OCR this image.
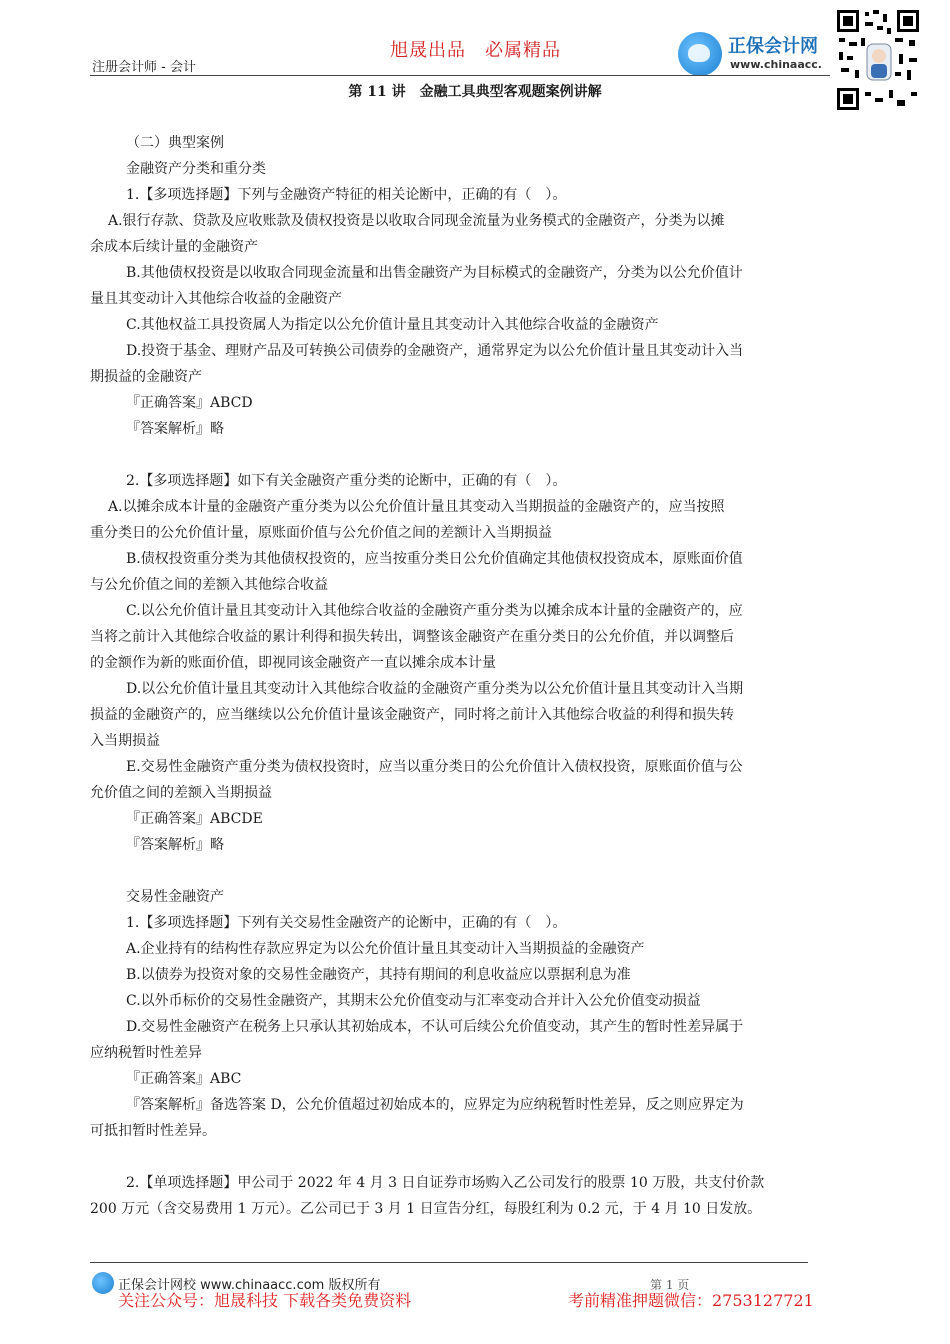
旭晟出品　必属精品
注册会计师 - 会计
正保会计网
www.chinaacc.
第 11 讲　金融工具典型客观题案例讲解

（二）典型案例

金融资产分类和重分类

1.【多项选择题】下列与金融资产特征的相关论断中，正确的有（　）。

A.银行存款、贷款及应收账款及债权投资是以收取合同现金流量为业务模式的金融资产，分类为以摊

余成本后续计量的金融资产

B.其他债权投资是以收取合同现金流量和出售金融资产为目标模式的金融资产，分类为以公允价值计

量且其变动计入其他综合收益的金融资产

C.其他权益工具投资属人为指定以公允价值计量且其变动计入其他综合收益的金融资产

D.投资于基金、理财产品及可转换公司债券的金融资产，通常界定为以公允价值计量且其变动计入当

期损益的金融资产

『正确答案』ABCD

『答案解析』略

2.【多项选择题】如下有关金融资产重分类的论断中，正确的有（　）。

A.以摊余成本计量的金融资产重分类为以公允价值计量且其变动入当期损益的金融资产的，应当按照

重分类日的公允价值计量，原账面价值与公允价值之间的差额计入当期损益

B.债权投资重分类为其他债权投资的，应当按重分类日公允价值确定其他债权投资成本，原账面价值

与公允价值之间的差额入其他综合收益

C.以公允价值计量且其变动计入其他综合收益的金融资产重分类为以摊余成本计量的金融资产的，应

当将之前计入其他综合收益的累计利得和损失转出，调整该金融资产在重分类日的公允价值，并以调整后

的金额作为新的账面价值，即视同该金融资产一直以摊余成本计量

D.以公允价值计量且其变动计入其他综合收益的金融资产重分类为以公允价值计量且其变动计入当期

损益的金融资产的，应当继续以公允价值计量该金融资产，同时将之前计入其他综合收益的利得和损失转

入当期损益

E.交易性金融资产重分类为债权投资时，应当以重分类日的公允价值计入债权投资，原账面价值与公

允价值之间的差额入当期损益

『正确答案』ABCDE

『答案解析』略

交易性金融资产

1.【多项选择题】下列有关交易性金融资产的论断中，正确的有（　）。

A.企业持有的结构性存款应界定为以公允价值计量且其变动计入当期损益的金融资产

B.以债券为投资对象的交易性金融资产，其持有期间的利息收益应以票据利息为准

C.以外币标价的交易性金融资产，其期末公允价值变动与汇率变动合并计入公允价值变动损益

D.交易性金融资产在税务上只承认其初始成本，不认可后续公允价值变动，其产生的暂时性差异属于

应纳税暂时性差异

『正确答案』ABC

『答案解析』备选答案 D，公允价值超过初始成本的，应界定为应纳税暂时性差异，反之则应界定为

可抵扣暂时性差异。

2.【单项选择题】甲公司于 2022 年 4 月 3 日自证券市场购入乙公司发行的股票 10 万股，共支付价款

200 万元（含交易费用 1 万元）。乙公司已于 3 月 1 日宣告分红，每股红利为 0.2 元，于 4 月 10 日发放。

正保会计网校 www.chinaacc.com 版权所有	第 1 页
关注公众号：旭晟科技 下载各类免费资料	考前精准押题微信：2753127721
